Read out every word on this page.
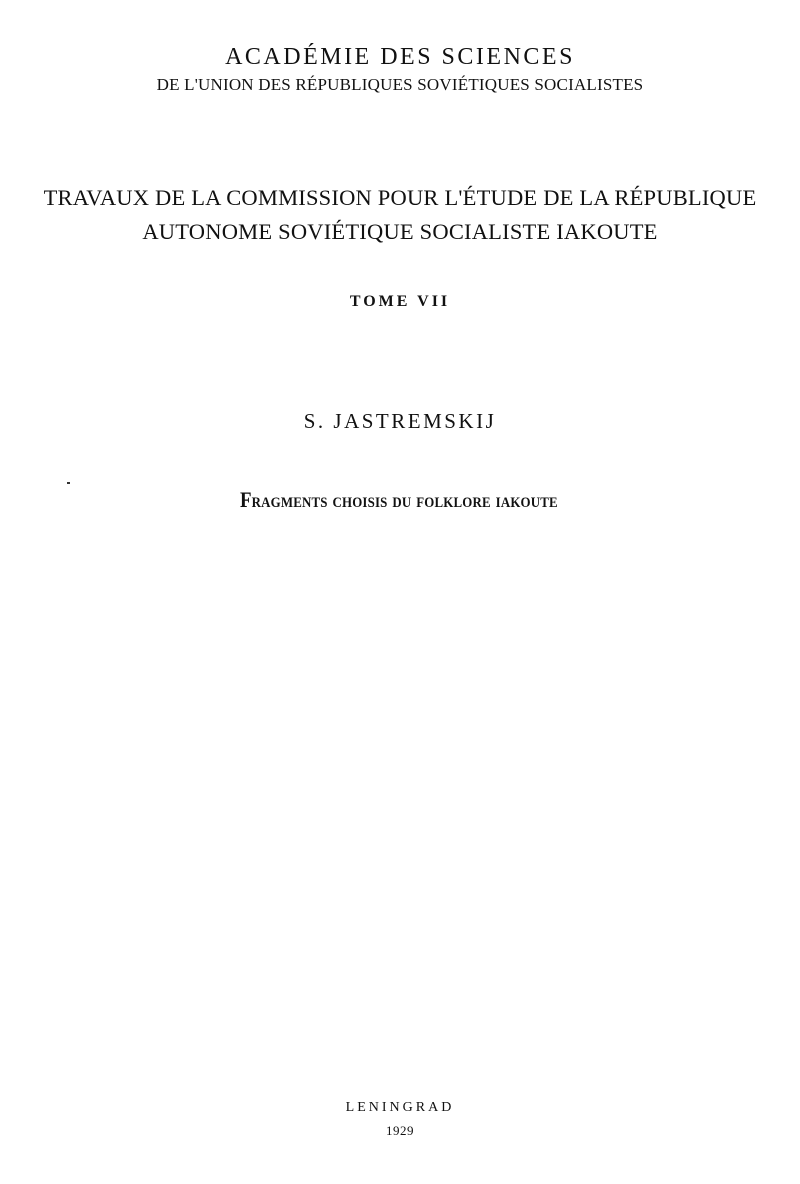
ACADÉMIE DES SCIENCES

DE L'UNION DES RÉPUBLIQUES SOVIÉTIQUES SOCIALISTES

TRAVAUX DE LA COMMISSION POUR L'ÉTUDE DE LA RÉPUBLIQUE

AUTONOME SOVIÉTIQUE SOCIALISTE IAKOUTE

TOME VII

S. JASTREMSKIJ

Fragments choisis du folklore iakoute

LENINGRAD

1929
